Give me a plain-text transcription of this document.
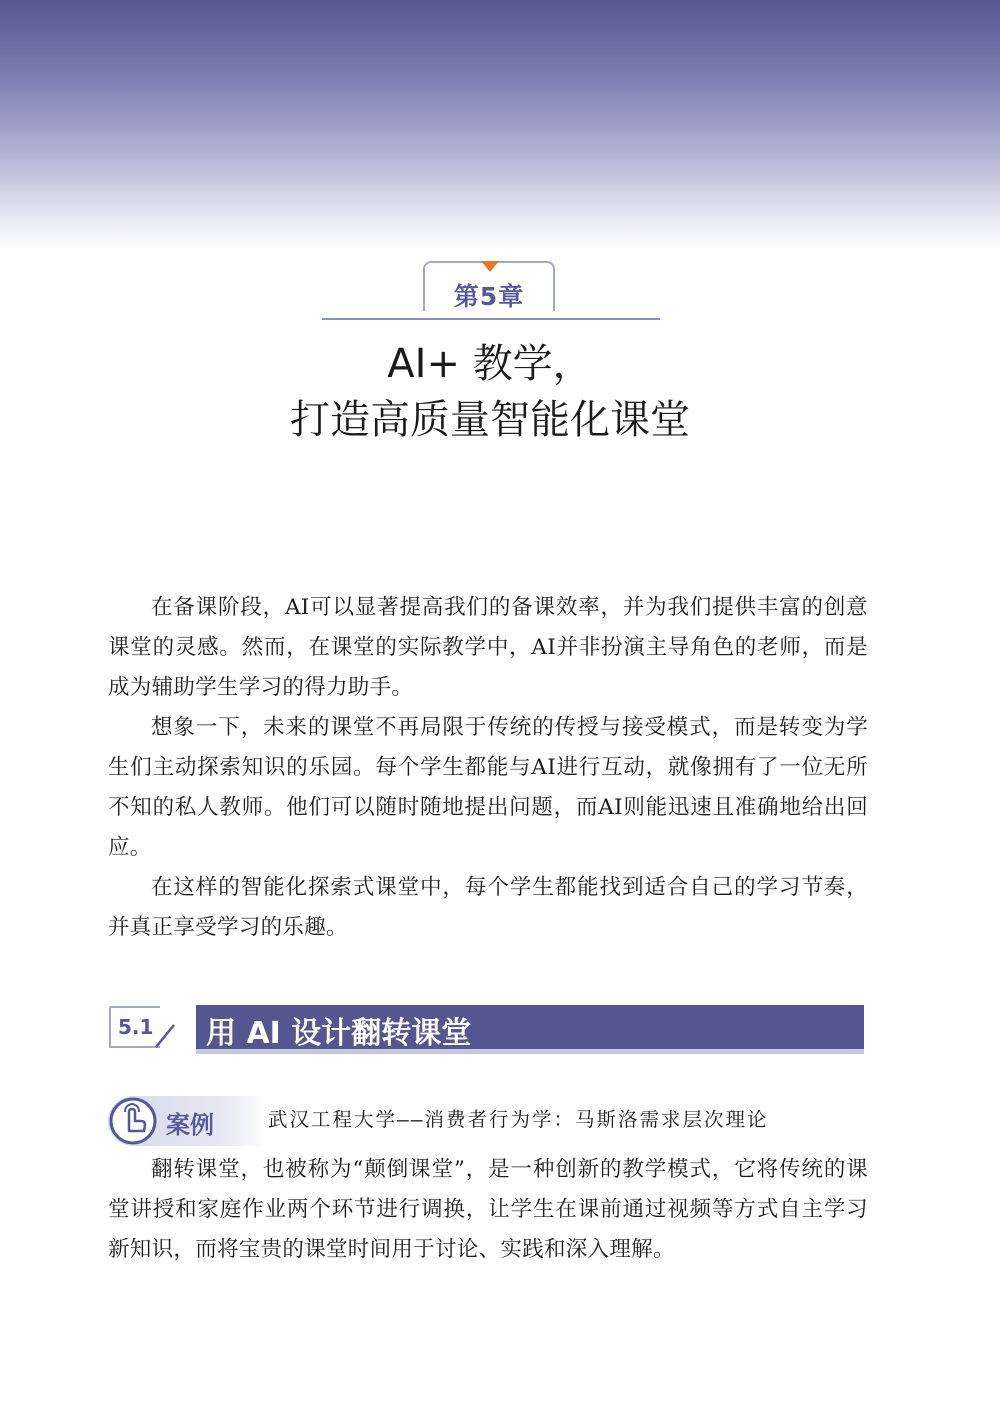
第5章
AI+ 教学，
打造高质量智能化课堂

在备课阶段，AI可以显著提高我们的备课效率，并为我们提供丰富的创意课堂的灵感。然而，在课堂的实际教学中，AI并非扮演主导角色的老师，而是成为辅助学生学习的得力助手。

想象一下，未来的课堂不再局限于传统的传授与接受模式，而是转变为学生们主动探索知识的乐园。每个学生都能与AI进行互动，就像拥有了一位无所不知的私人教师。他们可以随时随地提出问题，而AI则能迅速且准确地给出回应。

在这样的智能化探索式课堂中，每个学生都能找到适合自己的学习节奏，并真正享受学习的乐趣。

5.1 用 AI 设计翻转课堂
案例	武汉工程大学——消费者行为学：马斯洛需求层次理论

翻转课堂，也被称为“颠倒课堂”，是一种创新的教学模式，它将传统的课堂讲授和家庭作业两个环节进行调换，让学生在课前通过视频等方式自主学习新知识，而将宝贵的课堂时间用于讨论、实践和深入理解。
